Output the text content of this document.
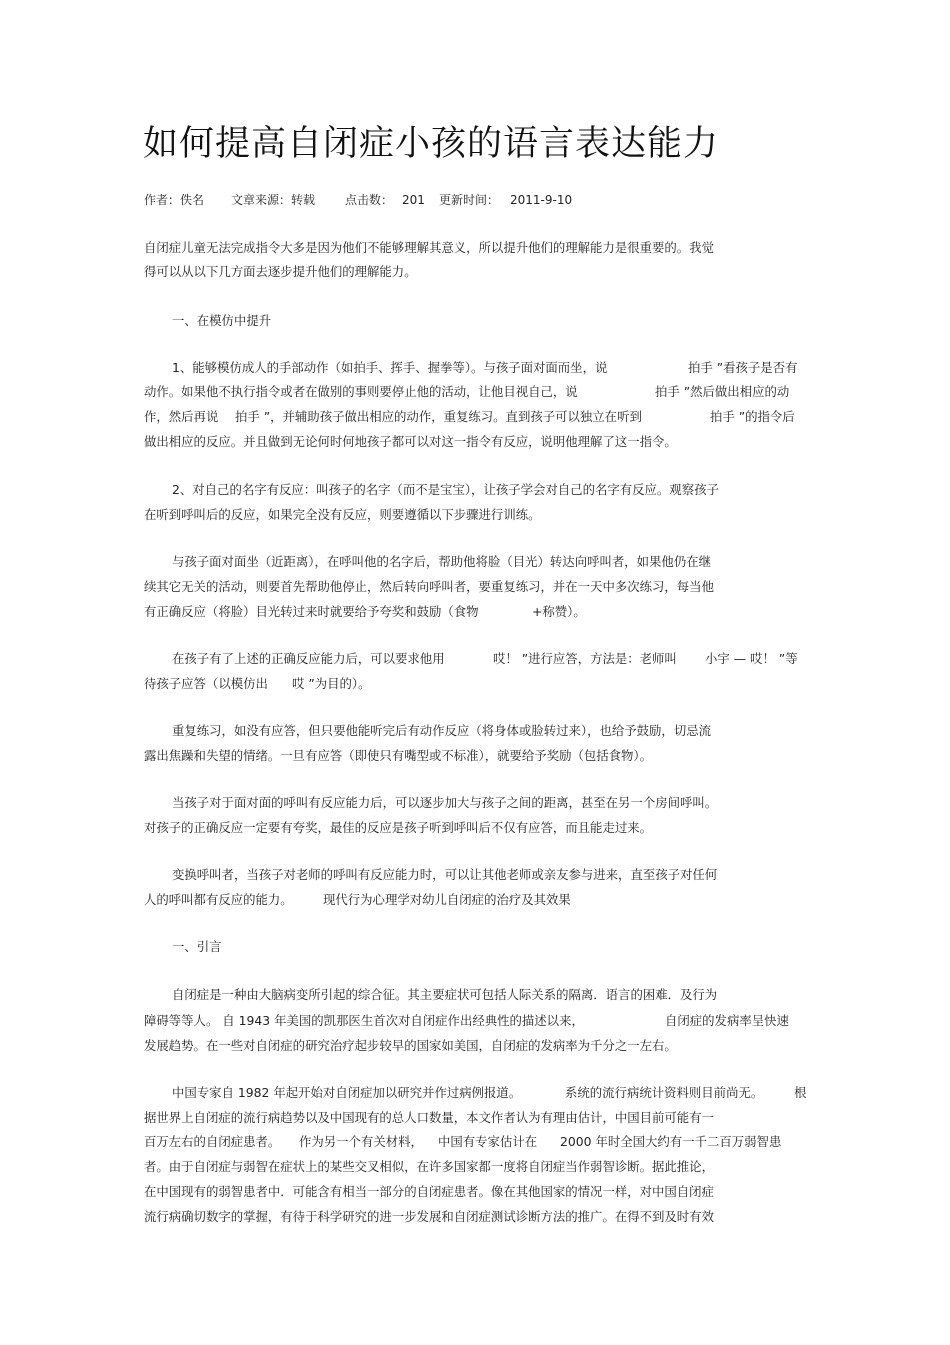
如何提高自闭症小孩的语言表达能力
作者：佚名 文章来源：转载 点击数： 201 更新时间： 2011-9-10
自闭症儿童无法完成指令大多是因为他们不能够理解其意义，所以提升他们的理解能力是很重要的。我觉
得可以从以下几方面去逐步提升他们的理解能力。
一、在模仿中提升
1、能够模仿成人的手部动作（如拍手、挥手、握拳等）。与孩子面对面而坐，说	拍手 ”看孩子是否有
动作。如果他不执行指令或者在做别的事则要停止他的活动，让他目视自己，说	拍手 ”然后做出相应的动
作，然后再说 拍手 ”，并辅助孩子做出相应的动作，重复练习。直到孩子可以独立在听到	拍手 ”的指令后
做出相应的反应。并且做到无论何时何地孩子都可以对这一指令有反应，说明他理解了这一指令。
2、对自己的名字有反应：叫孩子的名字（而不是宝宝），让孩子学会对自己的名字有反应。观察孩子
在听到呼叫后的反应，如果完全没有反应，则要遵循以下步骤进行训练。
与孩子面对面坐（近距离），在呼叫他的名字后，帮助他将脸（目光）转达向呼叫者，如果他仍在继
续其它无关的活动，则要首先帮助他停止，然后转向呼叫者，要重复练习，并在一天中多次练习，每当他
有正确反应（将脸）目光转过来时就要给予夸奖和鼓励（食物	+称赞）。
在孩子有了上述的正确反应能力后，可以要求他用	哎！ ”进行应答，方法是：老师叫 小宇 — 哎！ ”等
待孩子应答（以模仿出 哎 ”为目的）。
重复练习，如没有应答，但只要他能听完后有动作反应（将身体或脸转过来），也给予鼓励，切忌流
露出焦躁和失望的情绪。一旦有应答（即使只有嘴型或不标准），就要给予奖励（包括食物）。
当孩子对于面对面的呼叫有反应能力后，可以逐步加大与孩子之间的距离，甚至在另一个房间呼叫。
对孩子的正确反应一定要有夸奖，最佳的反应是孩子听到呼叫后不仅有应答，而且能走过来。
变换呼叫者，当孩子对老师的呼叫有反应能力时，可以让其他老师或亲友参与进来，直至孩子对任何
人的呼叫都有反应的能力。 现代行为心理学对幼儿自闭症的治疗及其效果
一、引言
自闭症是一种由大脑病变所引起的综合征。其主要症状可包括人际关系的隔离．语言的困难．及行为
障碍等等人。 自 1943 年美国的凯那医生首次对自闭症作出经典性的描述以来，	自闭症的发病率呈快速
发展趋势。在一些对自闭症的研究治疗起步较早的国家如美国，自闭症的发病率为千分之一左右。
中国专家自 1982 年起开始对自闭症加以研究并作过病例报道。	系统的流行病统计资料则目前尚无。 根
据世界上自闭症的流行病趋势以及中国现有的总人口数量，本文作者认为有理由估计，中国目前可能有一
百万左右的自闭症患者。 作为另一个有关材料， 中国有专家估计在 2000 年时全国大约有一千二百万弱智患
者。由于自闭症与弱智在症状上的某些交叉相似，在许多国家都一度将自闭症当作弱智诊断。据此推论，
在中国现有的弱智患者中．可能含有相当一部分的自闭症患者。像在其他国家的情况一样，对中国自闭症
流行病确切数字的掌握，有待于科学研究的进一步发展和自闭症测试诊断方法的推广。在得不到及时有效
